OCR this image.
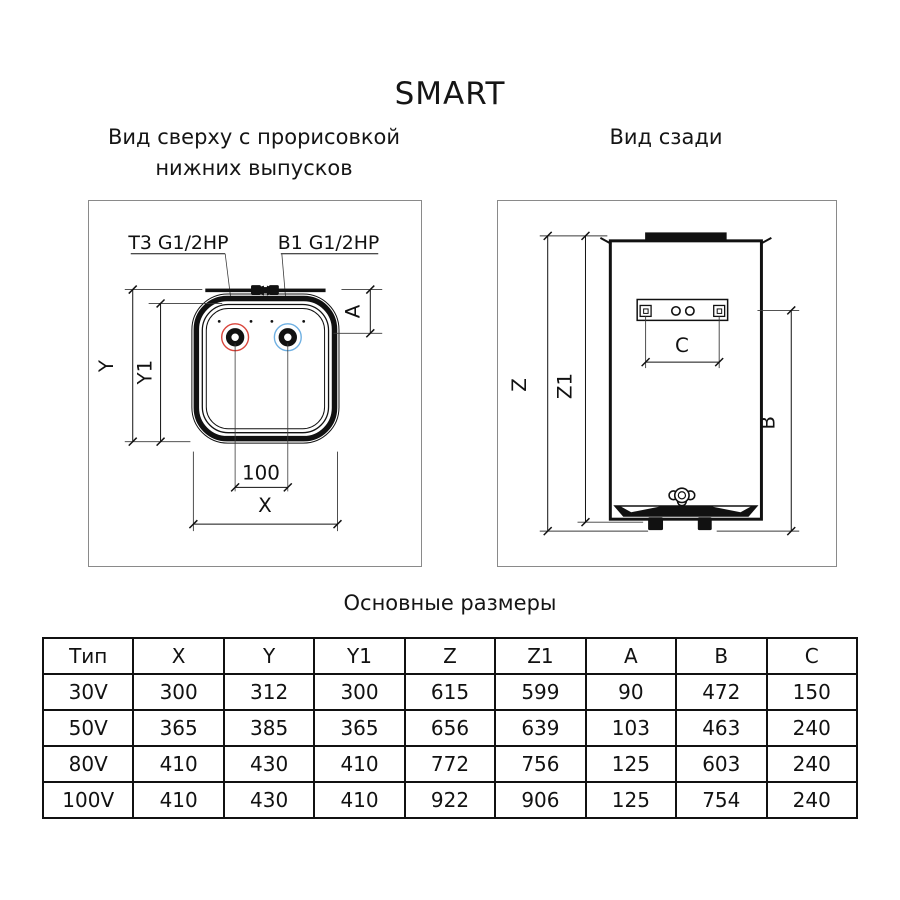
SMART
Вид сверху с прорисовкой
нижних выпусков
Вид сзади
T3 G1/2HP	B1 G1/2HP
Y Y1
A
100
X
C
Z Z1
B
Основные размеры
Тип	X	Y	Y1	Z	Z1	A	B	C
30V	300	312	300	615	599	90	472	150
50V	365	385	365	656	639	103	463	240
80V	410	430	410	772	756	125	603	240
100V	410	430	410	922	906	125	754	240
